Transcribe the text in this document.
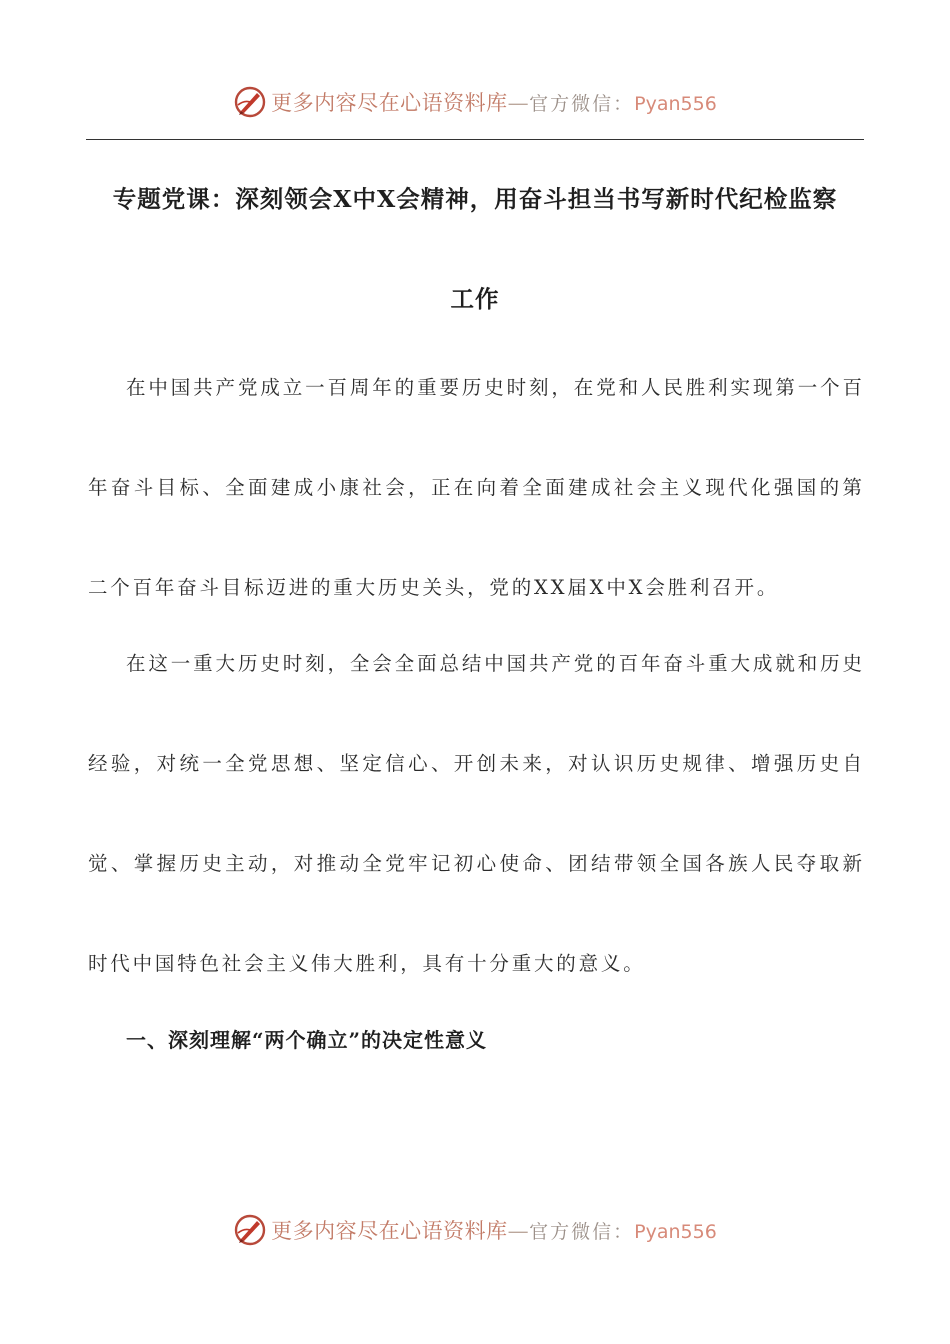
更多内容尽在心语资料库—官方微信：Pyan556
专题党课：深刻领会X中X会精神，用奋斗担当书写新时代纪检监察
工作
在中国共产党成立一百周年的重要历史时刻，在党和人民胜利实现第一个百
年奋斗目标、全面建成小康社会，正在向着全面建成社会主义现代化强国的第
二个百年奋斗目标迈进的重大历史关头，党的XX届X中X会胜利召开。
在这一重大历史时刻，全会全面总结中国共产党的百年奋斗重大成就和历史
经验，对统一全党思想、坚定信心、开创未来，对认识历史规律、增强历史自
觉、掌握历史主动，对推动全党牢记初心使命、团结带领全国各族人民夺取新
时代中国特色社会主义伟大胜利，具有十分重大的意义。
一、深刻理解“两个确立”的决定性意义
更多内容尽在心语资料库—官方微信：Pyan556
